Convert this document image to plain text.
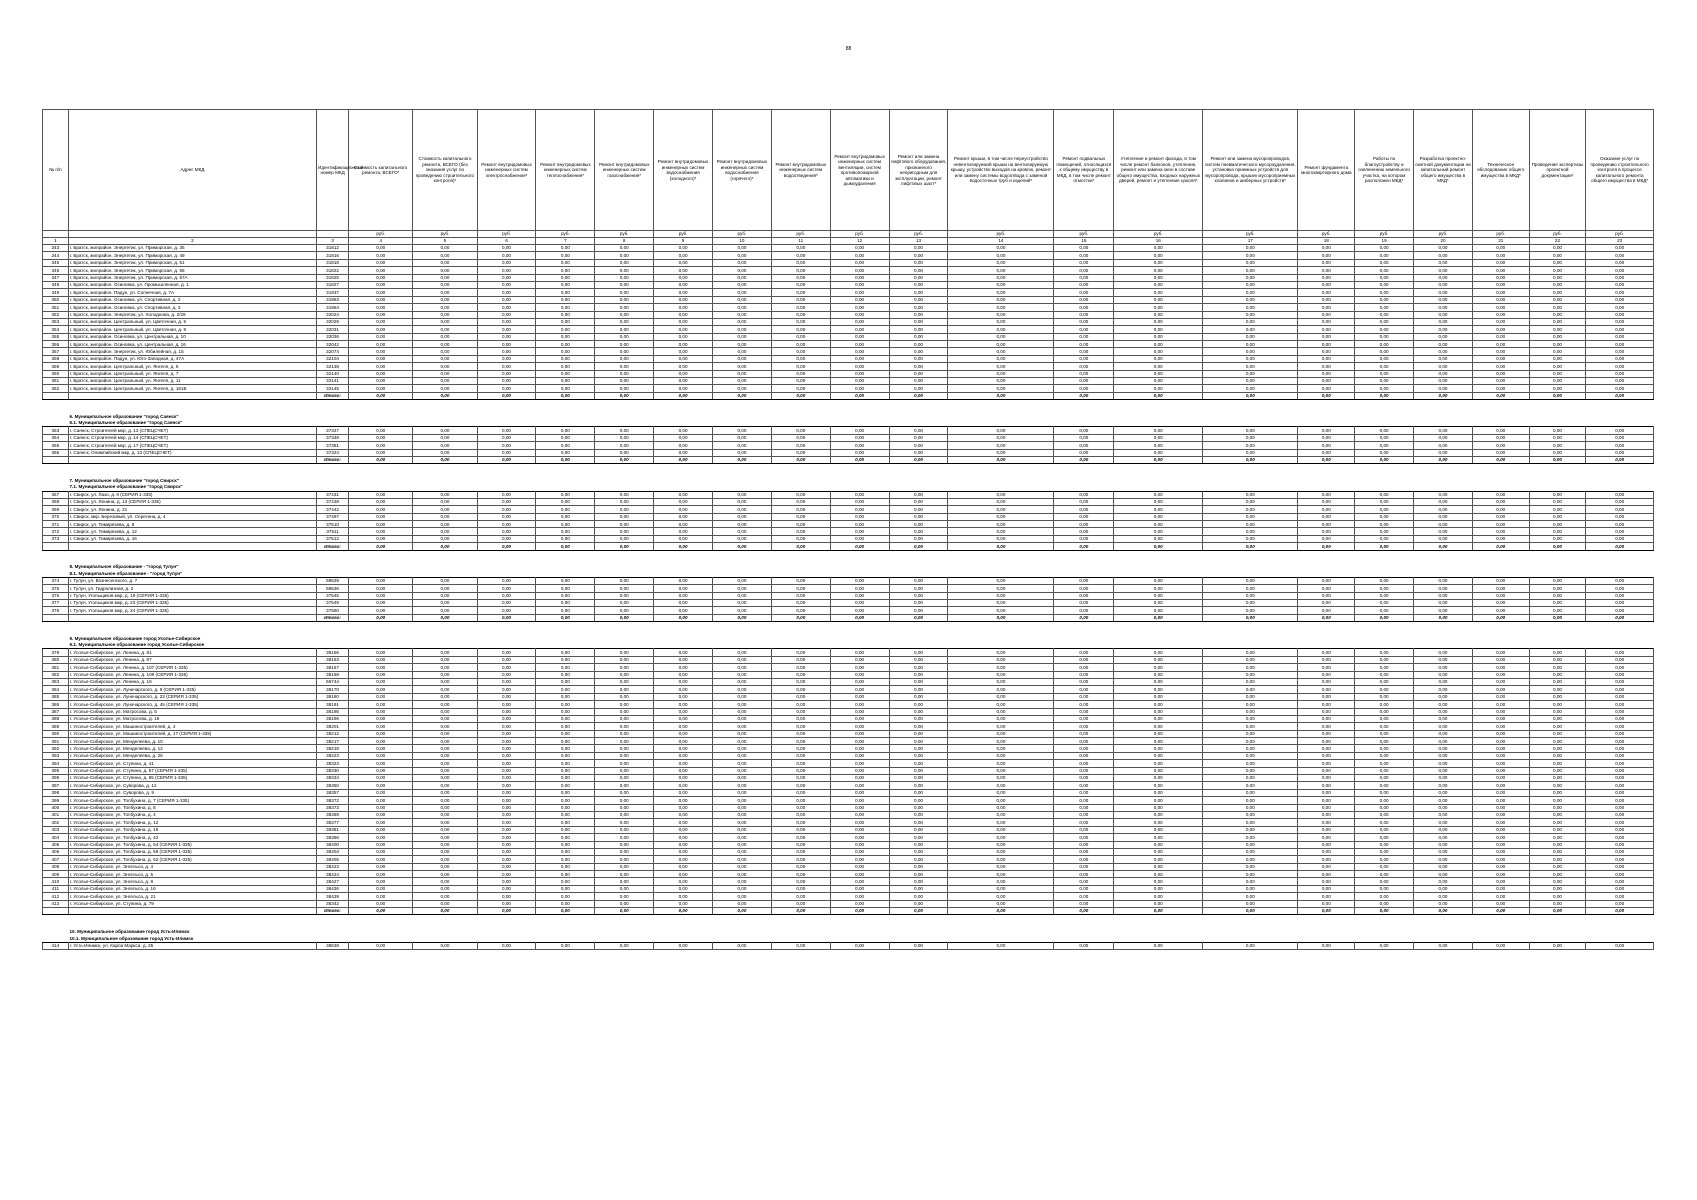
88
№ п/п	Адрес МКД	Идентификационный номер МКД	Стоимость капитального ремонта, ВСЕГО*	Стоимость капитального ремонта, ВСЕГО (без оказания услуг по проведению строительного контроля)*	Ремонт внутридомовых инженерных систем электроснабжения*	Ремонт внутридомовых инженерных систем теплоснабжения*	Ремонт внутридомовых инженерных систем газоснабжения*	Ремонт внутридомовых инженерных систем водоснабжения (холодного)*	Ремонт внутридомовых инженерных систем водоснабжения (горячего)*	Ремонт внутридомовых инженерных систем водоотведения*	Ремонт внутридомовых инженерных систем вентиляции, систем противопожарной автоматики и дымоудаления	Ремонт или замена лифтового оборудования, признанного непригодным для эксплуатации, ремонт лифтовых шахт*	Ремонт крыши, в том числе переустройство невентилируемой крыши на вентилируемую крышу, устройство выходов на кровлю, ремонт или замену системы водоотвода с заменой водосточных труб и изделий*	Ремонт подвальных помещений, относящихся к общему имуществу в МКД, в том числе ремонт отмостки*	Утепление и ремонт фасада, в том числе ремонт балконов, утепление, ремонт или замена окон в составе общего имущества, входных наружных дверей, ремонт и утепление цоколя*	Ремонт или замена мусоропроводов, систем пневматического мусороудаления, установка приемных устройств для мусоропровода, крышек мусороприемных клапанов и шиберных устройств*	Ремонт фундамента многоквартирного дома	Работы по благоустройству и озеленению земельного участка, на котором расположен МКД*	Разработка проектно-сметной документации на капитальный ремонт общего имущества в МКД*	Техническое обследование общего имущества в МКД*	Проведение экспертизы проектной документации*	Оказание услуг по проведению строительного контроля в процессе капитального ремонта общего имущества в МКД*
			руб.	руб.	руб.	руб.	руб.	руб.	руб.	руб.	руб.	руб.	руб.	руб.	руб.	руб.	руб.	руб.	руб.	руб.	руб.	руб.
1	2	3	4	5	6	7	8	9	10	11	12	13	14	15	16	17	18	19	20	21	22	23
343	г. Братск, жилрайон. Энергетик, ул. Приморская, д. 35	31812	0,00	0,00	0,00	0,00	0,00	0,00	0,00	0,00	0,00	0,00	0,00	0,00	0,00	0,00	0,00	0,00	0,00	0,00	0,00	0,00
344	г. Братск, жилрайон. Энергетик, ул. Приморская, д. 49	31816	0,00	0,00	0,00	0,00	0,00	0,00	0,00	0,00	0,00	0,00	0,00	0,00	0,00	0,00	0,00	0,00	0,00	0,00	0,00	0,00
345	г. Братск, жилрайон. Энергетик, ул. Приморская, д. 51	31818	0,00	0,00	0,00	0,00	0,00	0,00	0,00	0,00	0,00	0,00	0,00	0,00	0,00	0,00	0,00	0,00	0,00	0,00	0,00	0,00
346	г. Братск, жилрайон. Энергетик, ул. Приморская, д. 55	31822	0,00	0,00	0,00	0,00	0,00	0,00	0,00	0,00	0,00	0,00	0,00	0,00	0,00	0,00	0,00	0,00	0,00	0,00	0,00	0,00
347	г. Братск, жилрайон. Энергетик, ул. Приморская, д. 57А	31825	0,00	0,00	0,00	0,00	0,00	0,00	0,00	0,00	0,00	0,00	0,00	0,00	0,00	0,00	0,00	0,00	0,00	0,00	0,00	0,00
348	г. Братск, жилрайон. Осиновка, ул. Промышленная, д. 1	31827	0,00	0,00	0,00	0,00	0,00	0,00	0,00	0,00	0,00	0,00	0,00	0,00	0,00	0,00	0,00	0,00	0,00	0,00	0,00	0,00
349	г. Братск, жилрайон. Падун, ул. Солнечная, д. 7А	31937	0,00	0,00	0,00	0,00	0,00	0,00	0,00	0,00	0,00	0,00	0,00	0,00	0,00	0,00	0,00	0,00	0,00	0,00	0,00	0,00
350	г. Братск, жилрайон. Осиновка, ул. Спортивная, д. 2	31963	0,00	0,00	0,00	0,00	0,00	0,00	0,00	0,00	0,00	0,00	0,00	0,00	0,00	0,00	0,00	0,00	0,00	0,00	0,00	0,00
351	г. Братск, жилрайон. Осиновка, ул. Спортивная, д. 3	31964	0,00	0,00	0,00	0,00	0,00	0,00	0,00	0,00	0,00	0,00	0,00	0,00	0,00	0,00	0,00	0,00	0,00	0,00	0,00	0,00
352	г. Братск, жилрайон. Энергетик, ул. Холоднова, д. 2/29	32024	0,00	0,00	0,00	0,00	0,00	0,00	0,00	0,00	0,00	0,00	0,00	0,00	0,00	0,00	0,00	0,00	0,00	0,00	0,00	0,00
353	г. Братск, жилрайон. Центральный, ул. Цветочная, д. 5	32029	0,00	0,00	0,00	0,00	0,00	0,00	0,00	0,00	0,00	0,00	0,00	0,00	0,00	0,00	0,00	0,00	0,00	0,00	0,00	0,00
354	г. Братск, жилрайон. Центральный, ул. Цветочная, д. 9	32031	0,00	0,00	0,00	0,00	0,00	0,00	0,00	0,00	0,00	0,00	0,00	0,00	0,00	0,00	0,00	0,00	0,00	0,00	0,00	0,00
355	г. Братск, жилрайон. Осиновка, ул. Центральная, д. 10	32036	0,00	0,00	0,00	0,00	0,00	0,00	0,00	0,00	0,00	0,00	0,00	0,00	0,00	0,00	0,00	0,00	0,00	0,00	0,00	0,00
356	г. Братск, жилрайон. Осиновка, ул. Центральная, д. 16	32042	0,00	0,00	0,00	0,00	0,00	0,00	0,00	0,00	0,00	0,00	0,00	0,00	0,00	0,00	0,00	0,00	0,00	0,00	0,00	0,00
357	г. Братск, жилрайон. Энергетик, ул. Юбилейная, д. 15	32074	0,00	0,00	0,00	0,00	0,00	0,00	0,00	0,00	0,00	0,00	0,00	0,00	0,00	0,00	0,00	0,00	0,00	0,00	0,00	0,00
358	г. Братск, жилрайон. Падун, ул. Юго-Западная, д. 47А	32104	0,00	0,00	0,00	0,00	0,00	0,00	0,00	0,00	0,00	0,00	0,00	0,00	0,00	0,00	0,00	0,00	0,00	0,00	0,00	0,00
359	г. Братск, жилрайон. Центральный, ул. Янгеля, д. 5	32138	0,00	0,00	0,00	0,00	0,00	0,00	0,00	0,00	0,00	0,00	0,00	0,00	0,00	0,00	0,00	0,00	0,00	0,00	0,00	0,00
360	г. Братск, жилрайон. Центральный, ул. Янгеля, д. 7	32140	0,00	0,00	0,00	0,00	0,00	0,00	0,00	0,00	0,00	0,00	0,00	0,00	0,00	0,00	0,00	0,00	0,00	0,00	0,00	0,00
361	г. Братск, жилрайон. Центральный, ул. Янгеля, д. 11	32141	0,00	0,00	0,00	0,00	0,00	0,00	0,00	0,00	0,00	0,00	0,00	0,00	0,00	0,00	0,00	0,00	0,00	0,00	0,00	0,00
362	г. Братск, жилрайон. Центральный, ул. Янгеля, д. 161Б	32145	0,00	0,00	0,00	0,00	0,00	0,00	0,00	0,00	0,00	0,00	0,00	0,00	0,00	0,00	0,00	0,00	0,00	0,00	0,00	0,00
		Итого:	0,00	0,00	0,00	0,00	0,00	0,00	0,00	0,00	0,00	0,00	0,00	0,00	0,00	0,00	0,00	0,00	0,00	0,00	0,00	0,00

6. Муниципальное образование "город Саянск"																						
6.1. Муниципальное образование "город Саянск"																						
363	г. Саянск, Строителей мкр, д. 13 (СПЕЦСЧЕТ)	37347	0,00	0,00	0,00	0,00	0,00	0,00	0,00	0,00	0,00	0,00	0,00	0,00	0,00	0,00	0,00	0,00	0,00	0,00	0,00	0,00
364	г. Саянск, Строителей мкр, д. 14 (СПЕЦСЧЕТ)	37348	0,00	0,00	0,00	0,00	0,00	0,00	0,00	0,00	0,00	0,00	0,00	0,00	0,00	0,00	0,00	0,00	0,00	0,00	0,00	0,00
365	г. Саянск, Строителей мкр, д. 17 (СПЕЦСЧЕТ)	37351	0,00	0,00	0,00	0,00	0,00	0,00	0,00	0,00	0,00	0,00	0,00	0,00	0,00	0,00	0,00	0,00	0,00	0,00	0,00	0,00
366	г. Саянск, Олимпийский мкр, д. 13 (СПЕЦСЧЕТ)	37324	0,00	0,00	0,00	0,00	0,00	0,00	0,00	0,00	0,00	0,00	0,00	0,00	0,00	0,00	0,00	0,00	0,00	0,00	0,00	0,00
		Итого:	0,00	0,00	0,00	0,00	0,00	0,00	0,00	0,00	0,00	0,00	0,00	0,00	0,00	0,00	0,00	0,00	0,00	0,00	0,00	0,00

7. Муниципальное образование "город Свирск"																						
7.1. Муниципальное образование "город Свирск"																						
367	г. Свирск, ул. Лазо, д. 6 (СЕРИЯ 1-335)	37431	0,00	0,00	0,00	0,00	0,00	0,00	0,00	0,00	0,00	0,00	0,00	0,00	0,00	0,00	0,00	0,00	0,00	0,00	0,00	0,00
368	г. Свирск, ул. Ленина, д. 13 (СЕРИЯ 1-335)	37438	0,00	0,00	0,00	0,00	0,00	0,00	0,00	0,00	0,00	0,00	0,00	0,00	0,00	0,00	0,00	0,00	0,00	0,00	0,00	0,00
369	г. Свирск, ул. Ленина, д. 21	37442	0,00	0,00	0,00	0,00	0,00	0,00	0,00	0,00	0,00	0,00	0,00	0,00	0,00	0,00	0,00	0,00	0,00	0,00	0,00	0,00
370	г. Свирск, мкр. Березовый, ул. Серегина, д. 4	37497	0,00	0,00	0,00	0,00	0,00	0,00	0,00	0,00	0,00	0,00	0,00	0,00	0,00	0,00	0,00	0,00	0,00	0,00	0,00	0,00
371	г. Свирск, ул. Тимирязева, д. 8	37510	0,00	0,00	0,00	0,00	0,00	0,00	0,00	0,00	0,00	0,00	0,00	0,00	0,00	0,00	0,00	0,00	0,00	0,00	0,00	0,00
372	г. Свирск, ул. Тимирязева, д. 12	37511	0,00	0,00	0,00	0,00	0,00	0,00	0,00	0,00	0,00	0,00	0,00	0,00	0,00	0,00	0,00	0,00	0,00	0,00	0,00	0,00
373	г. Свирск, ул. Тимирязева, д. 16	37512	0,00	0,00	0,00	0,00	0,00	0,00	0,00	0,00	0,00	0,00	0,00	0,00	0,00	0,00	0,00	0,00	0,00	0,00	0,00	0,00
		Итого:	0,00	0,00	0,00	0,00	0,00	0,00	0,00	0,00	0,00	0,00	0,00	0,00	0,00	0,00	0,00	0,00	0,00	0,00	0,00	0,00

8. Муниципальное образование - "город Тулун"																						
8.1. Муниципальное образование - "город Тулун"																						
374	г. Тулун, ул. Вознесенского, д. 7	58539	0,00	0,00	0,00	0,00	0,00	0,00	0,00	0,00	0,00	0,00	0,00	0,00	0,00	0,00	0,00	0,00	0,00	0,00	0,00	0,00
375	г. Тулун, ул. Гидролизная, д. 2	58536	0,00	0,00	0,00	0,00	0,00	0,00	0,00	0,00	0,00	0,00	0,00	0,00	0,00	0,00	0,00	0,00	0,00	0,00	0,00	0,00
376	г. Тулун, Угольщиков мкр, д. 19 (СЕРИЯ 1-335)	37545	0,00	0,00	0,00	0,00	0,00	0,00	0,00	0,00	0,00	0,00	0,00	0,00	0,00	0,00	0,00	0,00	0,00	0,00	0,00	0,00
377	г. Тулун, Угольщиков мкр, д. 23 (СЕРИЯ 1-335)	37549	0,00	0,00	0,00	0,00	0,00	0,00	0,00	0,00	0,00	0,00	0,00	0,00	0,00	0,00	0,00	0,00	0,00	0,00	0,00	0,00
378	г. Тулун, Угольщиков мкр, д. 24 (СЕРИЯ 1-335)	37550	0,00	0,00	0,00	0,00	0,00	0,00	0,00	0,00	0,00	0,00	0,00	0,00	0,00	0,00	0,00	0,00	0,00	0,00	0,00	0,00
		Итого:	0,00	0,00	0,00	0,00	0,00	0,00	0,00	0,00	0,00	0,00	0,00	0,00	0,00	0,00	0,00	0,00	0,00	0,00	0,00	0,00

9. Муниципальное образование город Усолье-Сибирское																						
9.1. Муниципальное образование город Усолье-Сибирское																						
379	г. Усолье-Сибирское, ул. Ленина, д. 81	38156	0,00	0,00	0,00	0,00	0,00	0,00	0,00	0,00	0,00	0,00	0,00	0,00	0,00	0,00	0,00	0,00	0,00	0,00	0,00	0,00
380	г. Усолье-Сибирское, ул. Ленина, д. 97	38163	0,00	0,00	0,00	0,00	0,00	0,00	0,00	0,00	0,00	0,00	0,00	0,00	0,00	0,00	0,00	0,00	0,00	0,00	0,00	0,00
381	г. Усолье-Сибирское, ул. Ленина, д. 107 (СЕРИЯ 1-335)	38167	0,00	0,00	0,00	0,00	0,00	0,00	0,00	0,00	0,00	0,00	0,00	0,00	0,00	0,00	0,00	0,00	0,00	0,00	0,00	0,00
382	г. Усолье-Сибирское, ул. Ленина, д. 109 (СЕРИЯ 1-335)	38168	0,00	0,00	0,00	0,00	0,00	0,00	0,00	0,00	0,00	0,00	0,00	0,00	0,00	0,00	0,00	0,00	0,00	0,00	0,00	0,00
383	г. Усолье-Сибирское, ул. Ленина, д. 16	56744	0,00	0,00	0,00	0,00	0,00	0,00	0,00	0,00	0,00	0,00	0,00	0,00	0,00	0,00	0,00	0,00	0,00	0,00	0,00	0,00
384	г. Усолье-Сибирское, ул. Луначарского, д. 9 (СЕРИЯ 1-335)	38170	0,00	0,00	0,00	0,00	0,00	0,00	0,00	0,00	0,00	0,00	0,00	0,00	0,00	0,00	0,00	0,00	0,00	0,00	0,00	0,00
385	г. Усолье-Сибирское, ул. Луначарского, д. 23 (СЕРИЯ 1-335)	38180	0,00	0,00	0,00	0,00	0,00	0,00	0,00	0,00	0,00	0,00	0,00	0,00	0,00	0,00	0,00	0,00	0,00	0,00	0,00	0,00
386	г. Усолье-Сибирское, ул. Луначарского, д. 45 (СЕРИЯ 1-335)	38191	0,00	0,00	0,00	0,00	0,00	0,00	0,00	0,00	0,00	0,00	0,00	0,00	0,00	0,00	0,00	0,00	0,00	0,00	0,00	0,00
387	г. Усолье-Сибирское, ул. Матросова, д. 5	38195	0,00	0,00	0,00	0,00	0,00	0,00	0,00	0,00	0,00	0,00	0,00	0,00	0,00	0,00	0,00	0,00	0,00	0,00	0,00	0,00
388	г. Усолье-Сибирское, ул. Матросова, д. 19	38196	0,00	0,00	0,00	0,00	0,00	0,00	0,00	0,00	0,00	0,00	0,00	0,00	0,00	0,00	0,00	0,00	0,00	0,00	0,00	0,00
389	г. Усолье-Сибирское, ул. Машиностроителей, д. 4	38201	0,00	0,00	0,00	0,00	0,00	0,00	0,00	0,00	0,00	0,00	0,00	0,00	0,00	0,00	0,00	0,00	0,00	0,00	0,00	0,00
390	г. Усолье-Сибирское, ул. Машиностроителей, д. 17 (СЕРИЯ 1-335)	38212	0,00	0,00	0,00	0,00	0,00	0,00	0,00	0,00	0,00	0,00	0,00	0,00	0,00	0,00	0,00	0,00	0,00	0,00	0,00	0,00
391	г. Усолье-Сибирское, ул. Менделеева, д. 10	38217	0,00	0,00	0,00	0,00	0,00	0,00	0,00	0,00	0,00	0,00	0,00	0,00	0,00	0,00	0,00	0,00	0,00	0,00	0,00	0,00
392	г. Усолье-Сибирское, ул. Менделеева, д. 12	38218	0,00	0,00	0,00	0,00	0,00	0,00	0,00	0,00	0,00	0,00	0,00	0,00	0,00	0,00	0,00	0,00	0,00	0,00	0,00	0,00
393	г. Усолье-Сибирское, ул. Менделеева, д. 26	38223	0,00	0,00	0,00	0,00	0,00	0,00	0,00	0,00	0,00	0,00	0,00	0,00	0,00	0,00	0,00	0,00	0,00	0,00	0,00	0,00
394	г. Усолье-Сибирское, ул. Ступина, д. 41	38323	0,00	0,00	0,00	0,00	0,00	0,00	0,00	0,00	0,00	0,00	0,00	0,00	0,00	0,00	0,00	0,00	0,00	0,00	0,00	0,00
395	г. Усолье-Сибирское, ул. Ступина, д. 57 (СЕРИЯ 1-335)	38330	0,00	0,00	0,00	0,00	0,00	0,00	0,00	0,00	0,00	0,00	0,00	0,00	0,00	0,00	0,00	0,00	0,00	0,00	0,00	0,00
396	г. Усолье-Сибирское, ул. Ступина, д. 65 (СЕРИЯ 1-335)	38334	0,00	0,00	0,00	0,00	0,00	0,00	0,00	0,00	0,00	0,00	0,00	0,00	0,00	0,00	0,00	0,00	0,00	0,00	0,00	0,00
397	г. Усолье-Сибирское, ул. Суворова, д. 12	38350	0,00	0,00	0,00	0,00	0,00	0,00	0,00	0,00	0,00	0,00	0,00	0,00	0,00	0,00	0,00	0,00	0,00	0,00	0,00	0,00
398	г. Усолье-Сибирское, ул. Суворова, д. 9	38357	0,00	0,00	0,00	0,00	0,00	0,00	0,00	0,00	0,00	0,00	0,00	0,00	0,00	0,00	0,00	0,00	0,00	0,00	0,00	0,00
399	г. Усолье-Сибирское, ул. Толбухина, д. 7 (СЕРИЯ 1-335)	38372	0,00	0,00	0,00	0,00	0,00	0,00	0,00	0,00	0,00	0,00	0,00	0,00	0,00	0,00	0,00	0,00	0,00	0,00	0,00	0,00
400	г. Усолье-Сибирское, ул. Толбухина, д. 8	38373	0,00	0,00	0,00	0,00	0,00	0,00	0,00	0,00	0,00	0,00	0,00	0,00	0,00	0,00	0,00	0,00	0,00	0,00	0,00	0,00
401	г. Усолье-Сибирское, ул. Толбухина, д. 4	38369	0,00	0,00	0,00	0,00	0,00	0,00	0,00	0,00	0,00	0,00	0,00	0,00	0,00	0,00	0,00	0,00	0,00	0,00	0,00	0,00
402	г. Усолье-Сибирское, ул. Толбухина, д. 12	38377	0,00	0,00	0,00	0,00	0,00	0,00	0,00	0,00	0,00	0,00	0,00	0,00	0,00	0,00	0,00	0,00	0,00	0,00	0,00	0,00
403	г. Усолье-Сибирское, ул. Толбухина, д. 16	38381	0,00	0,00	0,00	0,00	0,00	0,00	0,00	0,00	0,00	0,00	0,00	0,00	0,00	0,00	0,00	0,00	0,00	0,00	0,00	0,00
404	г. Усолье-Сибирское, ул. Толбухина, д. 42	38396	0,00	0,00	0,00	0,00	0,00	0,00	0,00	0,00	0,00	0,00	0,00	0,00	0,00	0,00	0,00	0,00	0,00	0,00	0,00	0,00
405	г. Усолье-Сибирское, ул. Толбухина, д. 54 (СЕРИЯ 1-335)	38400	0,00	0,00	0,00	0,00	0,00	0,00	0,00	0,00	0,00	0,00	0,00	0,00	0,00	0,00	0,00	0,00	0,00	0,00	0,00	0,00
406	г. Усолье-Сибирское, ул. Толбухина, д. 58 (СЕРИЯ 1-335)	38404	0,00	0,00	0,00	0,00	0,00	0,00	0,00	0,00	0,00	0,00	0,00	0,00	0,00	0,00	0,00	0,00	0,00	0,00	0,00	0,00
407	г. Усолье-Сибирское, ул. Толбухина, д. 62 (СЕРИЯ 1-335)	38405	0,00	0,00	0,00	0,00	0,00	0,00	0,00	0,00	0,00	0,00	0,00	0,00	0,00	0,00	0,00	0,00	0,00	0,00	0,00	0,00
408	г. Усолье-Сибирское, ул. Энгельса, д. 4	38423	0,00	0,00	0,00	0,00	0,00	0,00	0,00	0,00	0,00	0,00	0,00	0,00	0,00	0,00	0,00	0,00	0,00	0,00	0,00	0,00
409	г. Усолье-Сибирское, ул. Энгельса, д. 5	38424	0,00	0,00	0,00	0,00	0,00	0,00	0,00	0,00	0,00	0,00	0,00	0,00	0,00	0,00	0,00	0,00	0,00	0,00	0,00	0,00
410	г. Усолье-Сибирское, ул. Энгельса, д. 8	38427	0,00	0,00	0,00	0,00	0,00	0,00	0,00	0,00	0,00	0,00	0,00	0,00	0,00	0,00	0,00	0,00	0,00	0,00	0,00	0,00
411	г. Усолье-Сибирское, ул. Энгельса, д. 16	38436	0,00	0,00	0,00	0,00	0,00	0,00	0,00	0,00	0,00	0,00	0,00	0,00	0,00	0,00	0,00	0,00	0,00	0,00	0,00	0,00
412	г. Усолье-Сибирское, ул. Энгельса, д. 21	38439	0,00	0,00	0,00	0,00	0,00	0,00	0,00	0,00	0,00	0,00	0,00	0,00	0,00	0,00	0,00	0,00	0,00	0,00	0,00	0,00
413	г. Усолье-Сибирское, ул. Ступина, д. 79	38342	0,00	0,00	0,00	0,00	0,00	0,00	0,00	0,00	0,00	0,00	0,00	0,00	0,00	0,00	0,00	0,00	0,00	0,00	0,00	0,00
		Итого:	0,00	0,00	0,00	0,00	0,00	0,00	0,00	0,00	0,00	0,00	0,00	0,00	0,00	0,00	0,00	0,00	0,00	0,00	0,00	0,00

10. Муниципальное образование город Усть-Илимск																						
10.1. Муниципальное образование город Усть-Илимск																						
414	г. Усть-Илимск, ул. Карла Маркса, д. 25	38638	0,00	0,00	0,00	0,00	0,00	0,00	0,00	0,00	0,00	0,00	0,00	0,00	0,00	0,00	0,00	0,00	0,00	0,00	0,00	0,00
